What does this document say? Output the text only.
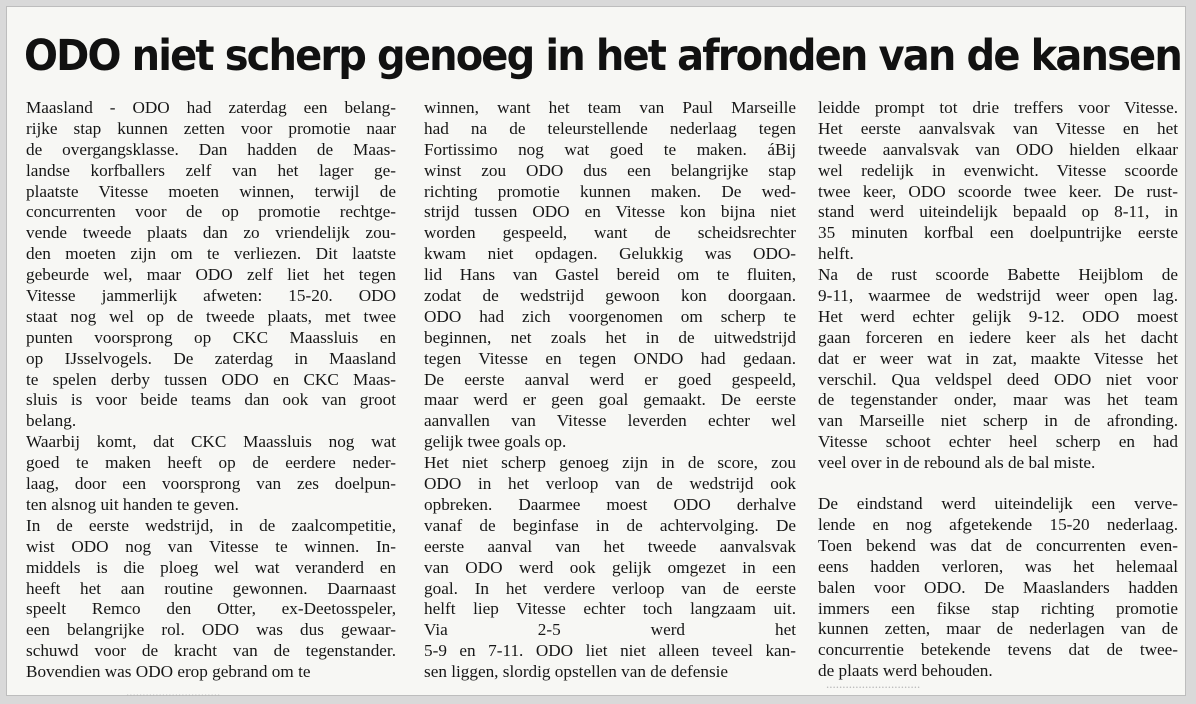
ODO niet scherp genoeg in het afronden van de kansen
Maasland - ODO had zaterdag een belang-
rijke stap kunnen zetten voor promotie naar
de overgangsklasse. Dan hadden de Maas-
landse korfballers zelf van het lager ge-
plaatste Vitesse moeten winnen, terwijl de
concurrenten voor de op promotie rechtge-
vende tweede plaats dan zo vriendelijk zou-
den moeten zijn om te verliezen. Dit laatste
gebeurde wel, maar ODO zelf liet het tegen
Vitesse jammerlijk afweten: 15-20. ODO
staat nog wel op de tweede plaats, met twee
punten voorsprong op CKC Maassluis en
op IJsselvogels. De zaterdag in Maasland
te spelen derby tussen ODO en CKC Maas-
sluis is voor beide teams dan ook van groot
belang.
Waarbij komt, dat CKC Maassluis nog wat
goed te maken heeft op de eerdere neder-
laag, door een voorsprong van zes doelpun-
ten alsnog uit handen te geven.
In de eerste wedstrijd, in de zaalcompetitie,
wist ODO nog van Vitesse te winnen. In-
middels is die ploeg wel wat veranderd en
heeft het aan routine gewonnen. Daarnaast
speelt Remco den Otter, ex-Deetosspeler,
een belangrijke rol. ODO was dus gewaar-
schuwd voor de kracht van de tegenstander.
Bovendien was ODO erop gebrand om te
winnen, want het team van Paul Marseille
had na de teleurstellende nederlaag tegen
Fortissimo nog wat goed te maken. áBij
winst zou ODO dus een belangrijke stap
richting promotie kunnen maken. De wed-
strijd tussen ODO en Vitesse kon bijna niet
worden gespeeld, want de scheidsrechter
kwam niet opdagen. Gelukkig was ODO-
lid Hans van Gastel bereid om te fluiten,
zodat de wedstrijd gewoon kon doorgaan.
ODO had zich voorgenomen om scherp te
beginnen, net zoals het in de uitwedstrijd
tegen Vitesse en tegen ONDO had gedaan.
De eerste aanval werd er goed gespeeld,
maar werd er geen goal gemaakt. De eerste
aanvallen van Vitesse leverden echter wel
gelijk twee goals op.
Het niet scherp genoeg zijn in de score, zou
ODO in het verloop van de wedstrijd ook
opbreken. Daarmee moest ODO derhalve
vanaf de beginfase in de achtervolging. De
eerste aanval van het tweede aanvalsvak
van ODO werd ook gelijk omgezet in een
goal. In het verdere verloop van de eerste
helft liep Vitesse echter toch langzaam uit.
Via 2-5 werd het
5-9 en 7-11. ODO liet niet alleen teveel kan-
sen liggen, slordig opstellen van de defensie
leidde prompt tot drie treffers voor Vitesse.
Het eerste aanvalsvak van Vitesse en het
tweede aanvalsvak van ODO hielden elkaar
wel redelijk in evenwicht. Vitesse scoorde
twee keer, ODO scoorde twee keer. De rust-
stand werd uiteindelijk bepaald op 8-11, in
35 minuten korfbal een doelpuntrijke eerste
helft.
Na de rust scoorde Babette Heijblom de
9-11, waarmee de wedstrijd weer open lag.
Het werd echter gelijk 9-12. ODO moest
gaan forceren en iedere keer als het dacht
dat er weer wat in zat, maakte Vitesse het
verschil. Qua veldspel deed ODO niet voor
de tegenstander onder, maar was het team
van Marseille niet scherp in de afronding.
Vitesse schoot echter heel scherp en had
veel over in de rebound als de bal miste.
De eindstand werd uiteindelijk een verve-
lende en nog afgetekende 15-20 nederlaag.
Toen bekend was dat de concurrenten even-
eens hadden verloren, was het helemaal
balen voor ODO. De Maaslanders hadden
immers een fikse stap richting promotie
kunnen zetten, maar de nederlagen van de
concurrentie betekende tevens dat de twee-
de plaats werd behouden.
.............................
.............................
